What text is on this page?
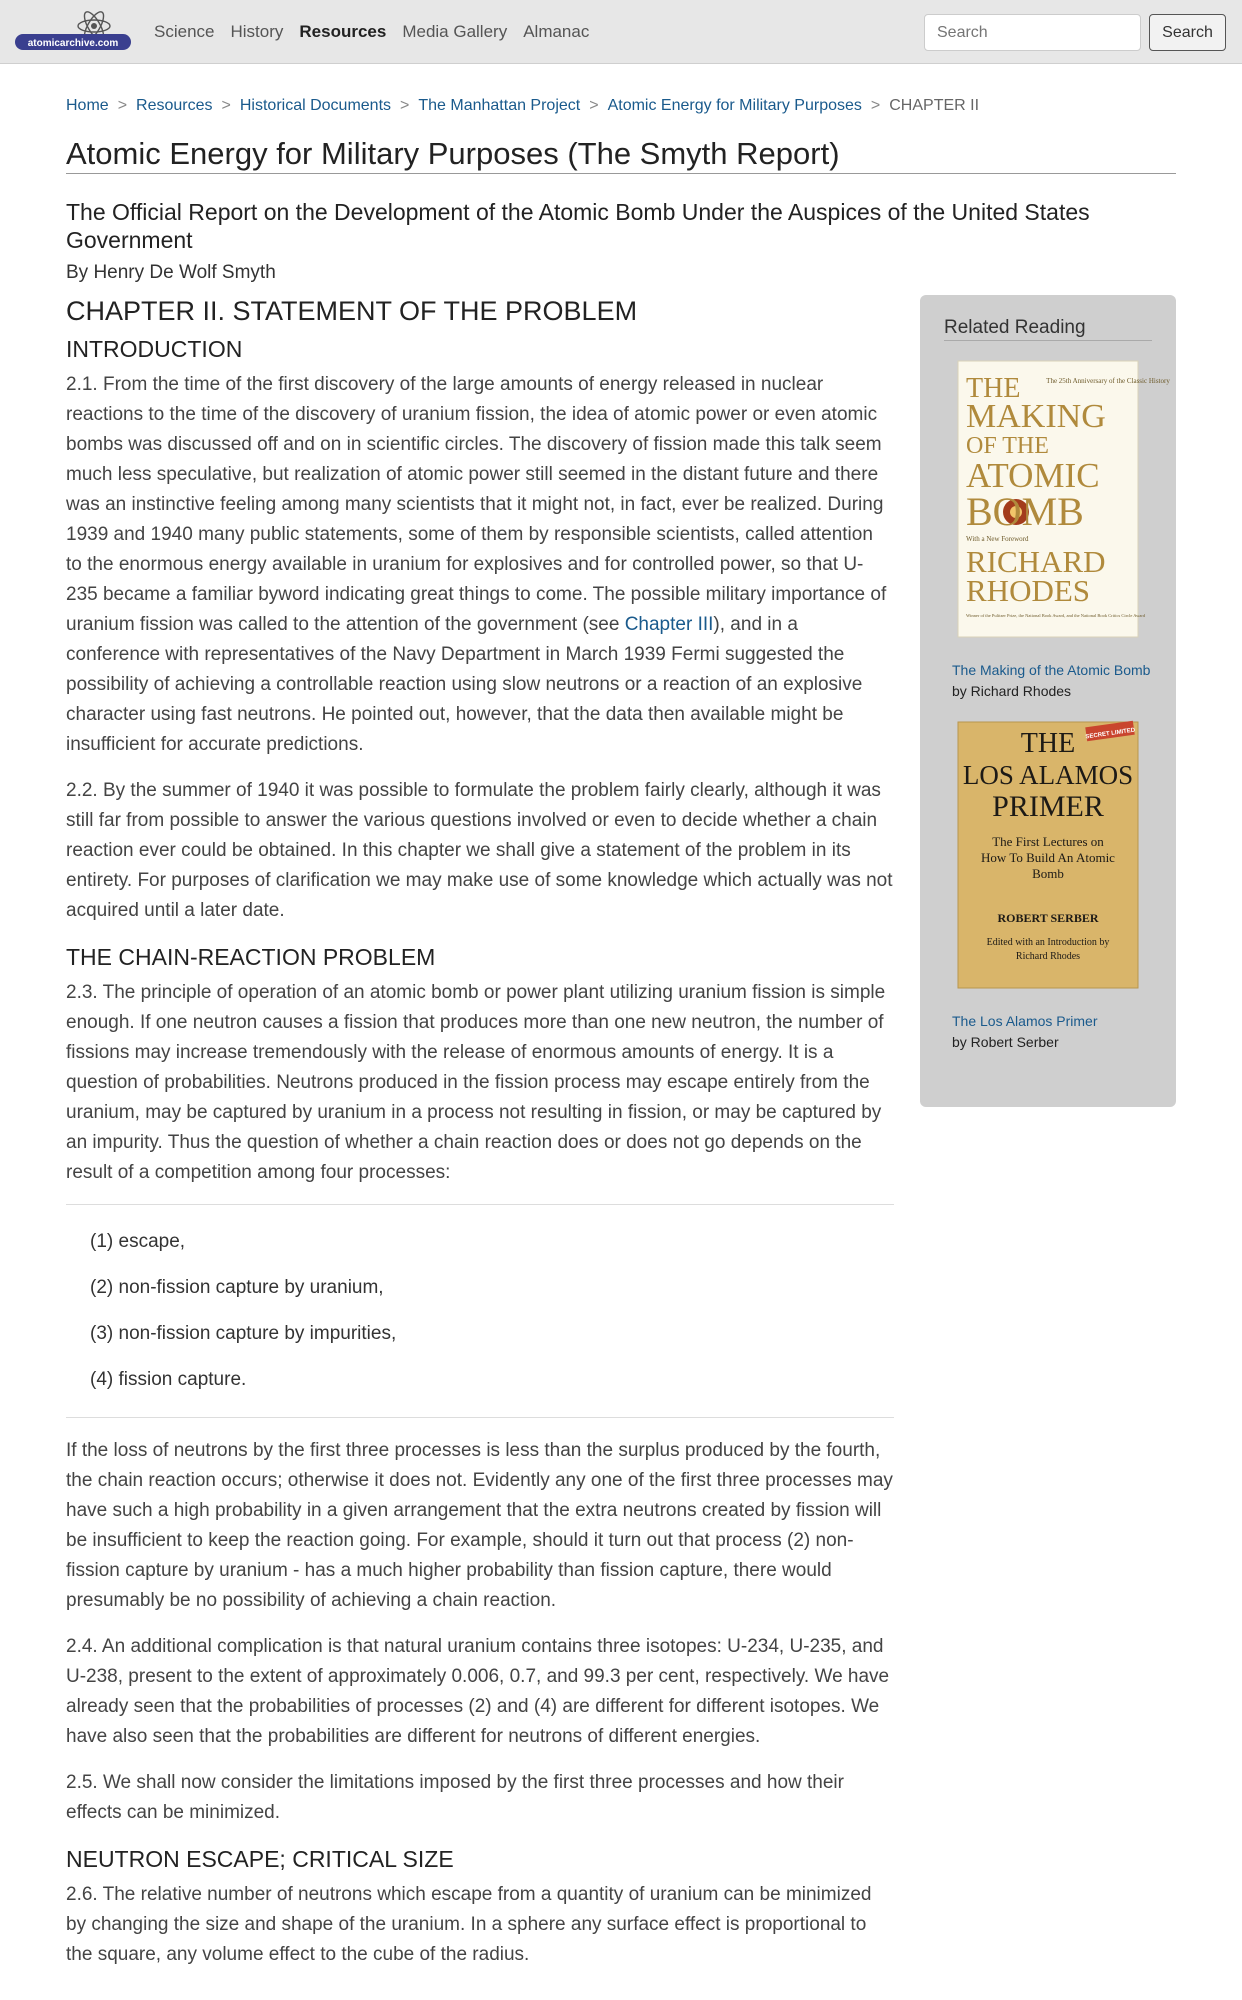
atomicarchive.com
Science History Resources Media Gallery Almanac
Search	Search
Home > Resources > Historical Documents > The Manhattan Project > Atomic Energy for Military Purposes > CHAPTER II
Atomic Energy for Military Purposes (The Smyth Report)
The Official Report on the Development of the Atomic Bomb Under the Auspices of the United States Government
By Henry De Wolf Smyth
CHAPTER II. STATEMENT OF THE PROBLEM
INTRODUCTION

2.1. From the time of the first discovery of the large amounts of energy released in nuclear reactions to the time of the discovery of uranium fission, the idea of atomic power or even atomic bombs was discussed off and on in scientific circles. The discovery of fission made this talk seem much less speculative, but realization of atomic power still seemed in the distant future and there was an instinctive feeling among many scientists that it might not, in fact, ever be realized. During 1939 and 1940 many public statements, some of them by responsible scientists, called attention to the enormous energy available in uranium for explosives and for controlled power, so that U-235 became a familiar byword indicating great things to come. The possible military importance of uranium fission was called to the attention of the government (see Chapter III), and in a conference with representatives of the Navy Department in March 1939 Fermi suggested the possibility of achieving a controllable reaction using slow neutrons or a reaction of an explosive character using fast neutrons. He pointed out, however, that the data then available might be insufficient for accurate predictions.

2.2. By the summer of 1940 it was possible to formulate the problem fairly clearly, although it was still far from possible to answer the various questions involved or even to decide whether a chain reaction ever could be obtained. In this chapter we shall give a statement of the problem in its entirety. For purposes of clarification we may make use of some knowledge which actually was not acquired until a later date.

THE CHAIN-REACTION PROBLEM

2.3. The principle of operation of an atomic bomb or power plant utilizing uranium fission is simple enough. If one neutron causes a fission that produces more than one new neutron, the number of fissions may increase tremendously with the release of enormous amounts of energy. It is a question of probabilities. Neutrons produced in the fission process may escape entirely from the uranium, may be captured by uranium in a process not resulting in fission, or may be captured by an impurity. Thus the question of whether a chain reaction does or does not go depends on the result of a competition among four processes:

(1) escape,

(2) non-fission capture by uranium,

(3) non-fission capture by impurities,

(4) fission capture.

If the loss of neutrons by the first three processes is less than the surplus produced by the fourth, the chain reaction occurs; otherwise it does not. Evidently any one of the first three processes may have such a high probability in a given arrangement that the extra neutrons created by fission will be insufficient to keep the reaction going. For example, should it turn out that process (2) non-fission capture by uranium - has a much higher probability than fission capture, there would presumably be no possibility of achieving a chain reaction.

2.4. An additional complication is that natural uranium contains three isotopes: U-234, U-235, and U-238, present to the extent of approximately 0.006, 0.7, and 99.3 per cent, respectively. We have already seen that the probabilities of processes (2) and (4) are different for different isotopes. We have also seen that the probabilities are different for neutrons of different energies.

2.5. We shall now consider the limitations imposed by the first three processes and how their effects can be minimized.

NEUTRON ESCAPE; CRITICAL SIZE

2.6. The relative number of neutrons which escape from a quantity of uranium can be minimized by changing the size and shape of the uranium. In a sphere any surface effect is proportional to the square, any volume effect to the cube of the radius.

Related Reading
The 25th Anniversary of the Classic History
THE
MAKING
OF THE
ATOMIC
BOMB
With a New Foreword
RICHARD
RHODES
Winner of the Pulitzer Prize, the National Book Award, and the National Book Critics Circle Award
The Making of the Atomic Bomb
by Richard Rhodes
SECRET LIMITED
THE
LOS ALAMOS
PRIMER
The First Lectures on How To Build An Atomic Bomb
ROBERT SERBER
Edited with an Introduction by Richard Rhodes
The Los Alamos Primer
by Robert Serber
